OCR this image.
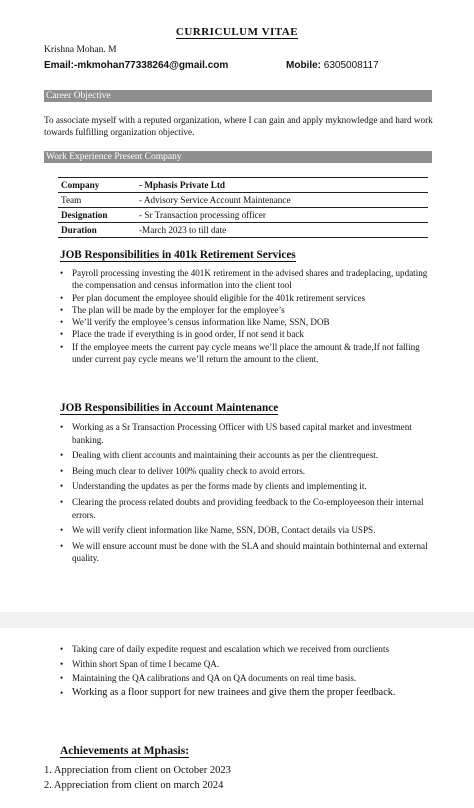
CURRICULUM VITAE
Krishna Mohan. M
Email:-mkmohan77338264@gmail.com	Mobile: 6305008117
Career Objective
To associate myself with a reputed organization, where I can gain and apply myknowledge and hard work towards fulfilling organization objective.
Work Experience Present Company
Company	- Mphasis Private Ltd
Team	- Advisory Service Account Maintenance
Designation	- Sr Transaction processing officer
Duration	-March 2023 to till date
JOB Responsibilities in 401k Retirement Services
• Payroll processing investing the 401K retirement in the advised shares and tradeplacing, updating the compensation and census information into the client tool
• Per plan document the employee should eligible for the 401k retirement services
• The plan will be made by the employer for the employee’s
• We’ll verify the employee’s census information like Name, SSN, DOB
• Place the trade if everything is in good order, If not send it back
• If the employee meets the current pay cycle means we’ll place the amount & trade,If not falling under current pay cycle means we’ll return the amount to the client.
JOB Responsibilities in Account Maintenance
• Working as a Sr Transaction Processing Officer with US based capital market and investment banking.
• Dealing with client accounts and maintaining their accounts as per the clientrequest.
• Being much clear to deliver 100% quality check to avoid errors.
• Understanding the updates as per the forms made by clients and implementing it.
• Clearing the process related doubts and providing feedback to the Co-employeeson their internal errors.
• We will verify client information like Name, SSN, DOB, Contact details via USPS.
• We will ensure account must be done with the SLA and should maintain bothinternal and external quality.
• Taking care of daily expedite request and escalation which we received from ourclients
• Within short Span of time I became QA.
• Maintaining the QA calibrations and QA on QA documents on real time basis.
• Working as a floor support for new trainees and give them the proper feedback.
Achievements at Mphasis:
1. Appreciation from client on October 2023
2. Appreciation from client on march 2024
